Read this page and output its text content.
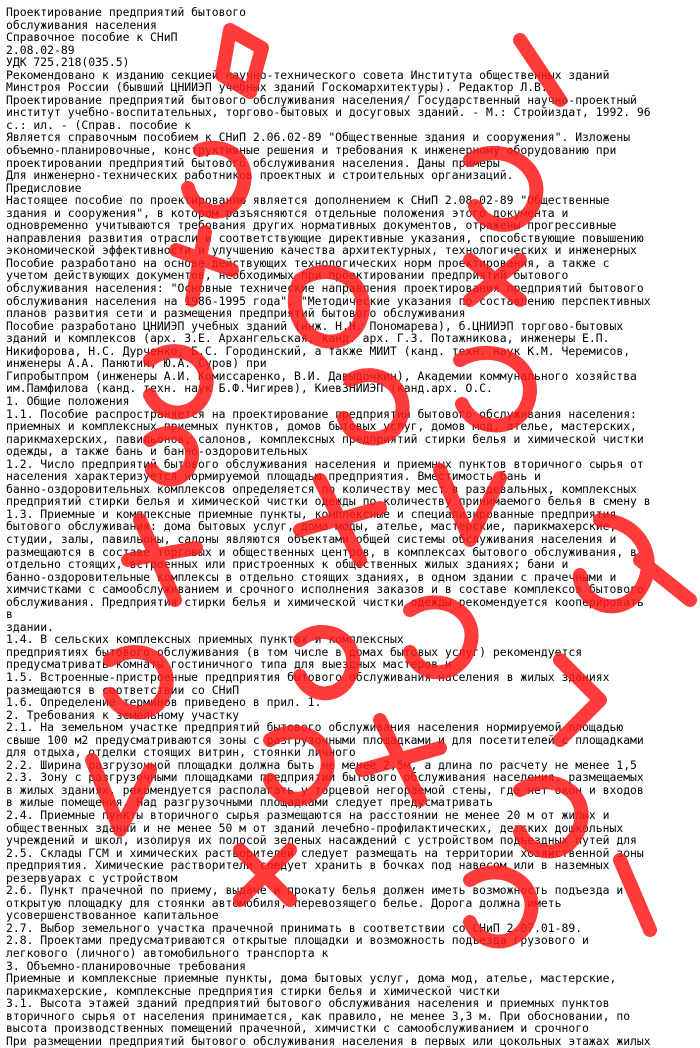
Проектирование предприятий бытового
обслуживания населения
Справочное пособие к СНиП
2.08.02-89
УДК 725.218(035.5)
Рекомендовано к изданию секцией научно-технического совета Института общественных зданий
Минстроя России (бывший ЦНИИЭП учебных зданий Госкомархитектуры). Редактор Л.В.
Проектирование предприятий бытового обслуживания населения/ Государственный научно-проектный
институт учебно-воспитательных, торгово-бытовых и досуговых зданий. - М.: Стройиздат, 1992. 96
с.: ил. - (Справ. пособие к
Является справочным пособием к СНиП 2.06.02-89 "Общественные здания и сооружения". Изложены
объемно-планировочные, конструктивные решения и требования к инженерному оборудованию при
проектировании предприятий бытового обслуживания населения. Даны примеры
Для инженерно-технических работников проектных и строительных организаций.
Предисловие
Настоящее пособие по проектированию является дополнением к СНиП 2.08.02-89 "Общественные
здания и сооружения", в котором разъясняются отдельные положения этого документа и
одновременно учитываются требования других нормативных документов, отражены прогрессивные
направления развития отрасли и соответствующие директивные указания, способствующие повышению
экономической эффективности и улучшению качества архитектурных, технологических и инженерных
Пособие разработано на основе действующих технологических норм проектирования, а также с
учетом действующих документов, необходимых при проектировании предприятий бытового
обслуживания населения: "Основные технические направления проектирования предприятий бытового
обслуживания населения на 1986-1995 года", "Методические указания по составлению перспективных
планов развития сети и размещения предприятий бытового обслуживания
Пособие разработано ЦНИИЭП учебных зданий (инж. Н.Н. Пономарева), б.ЦНИИЭП торгово-бытовых
зданий и комплексов (арх. З.Е. Архангельская, канд. арх. Г.З. Потажникова, инженеры Е.П.
Никифорова, Н.С. Дурченко, Б.С. Городинский, а также МИИТ (канд. техн. наук К.М. Черемисов,
инженеры А.А. Панютин, Ю.А. Суров) при
Гипробытпром (инженеры А.И. Комиссаренко, В.И. Давыдочкин), Академии коммунального хозяйства
им.Памфилова (канд. техн. наук Б.Ф.Чигирев), КиевЗНИИЭП (канд.арх. О.С.
1. Общие положения
1.1. Пособие распространяется на проектирование предприятий бытового обслуживания населения:
приемных и комплексных приемных пунктов, домов бытовых услуг, домов мод, ателье, мастерских,
парикмахерских, павильонов, салонов, комплексных предприятий стирки белья и химической чистки
одежды, а также бань и банно-оздоровительных
1.2. Число предприятий бытового обслуживания населения и приемных пунктов вторичного сырья от
населения характеризуется нормируемой площадью предприятия. Вместимость бань и
банно-оздоровительных комплексов определяется по количеству мест в раздевальных, комплексных
предприятий стирки белья и химической чистки одежды по количеству принимаемого белья в смену в
1.3. Приемные и комплексные приемные пункты, комплексные и специализированные предприятия
бытового обслуживания: дома бытовых услуг, дома моды, ателье, мастерские, парикмахерские,
студии, залы, павильоны, салоны являются объектами общей системы обслуживания населения и
размещаются в составе торговых и общественных центров, в комплексах бытового обслуживания, в
отдельно стоящих, встроенных или пристроенных к общественных жилых зданиях; бани и
банно-оздоровительные комплексы в отдельно стоящих зданиях, в одном здании с прачечными и
химчистками с самообслуживанием и срочного исполнения заказов и в составе комплексов бытового
обслуживания. Предприятия стирки белья и химической чистки одежды рекомендуется кооперировать
в
здании.
1.4. В сельских комплексных приемных пунктах и комплексных
предприятиях бытового обслуживания (в том числе в домах бытовых услуг) рекомендуется
предусматривать комнаты гостиничного типа для выездных мастеров и
1.5. Встроенные-пристроенные предприятия бытового обслуживания населения в жилых зданиях
размещаются в соответствии со СНиП
1.6. Определение терминов приведено в прил. 1.
2. Требования к земельному участку
2.1. На земельном участке предприятий бытового обслуживания населения нормируемой площадью
свыше 100 м2 предусматриваются зоны с разгрузочными площадками и для посетителей с площадками
для отдыха, отделки стоящих витрин, стоянки личного
2.2. Ширина разгрузочной площадки должна быть не менее 2,5м, а длина по расчету не менее 1,5
2.3. Зону с разгрузочными площадками предприятий бытового обслуживания населения, размещаемых
в жилых зданиях, рекомендуется располагать у торцевой негораемой стены, где нет окон и входов
в жилые помещения. Над разгрузочными площадками следует предусматривать
2.4. Приемные пункты вторичного сырья размещаются на расстоянии не менее 20 м от жилых и
общественных зданий и не менее 50 м от зданий лечебно-профилактических, детских дошкольных
учреждений и школ, изолируя их полосой зеленых насаждений с устройством подъездных путей для
2.5. Склады ГСМ и химических растворителей следует размещать на территории хозяйственной зоны
предприятия. Химические растворители следует хранить в бочках под навесом или в наземных
резервуарах с устройством
2.6. Пункт прачечной по приему, выдаче и прокату белья должен иметь возможность подъезда и
открытую площадку для стоянки автомобиля, перевозящего белье. Дорога должна иметь
усовершенствованное капитальное
2.7. Выбор земельного участка прачечной принимать в соответствии со СНиП 2.07.01-89.
2.8. Проектами предусматриваются открытые площадки и возможность подъезда грузового и
легкового (личного) автомобильного транспорта к
3. Объемно-планировочные требования
Приемные и комплексные приемные пункты, дома бытовых услуг, дома мод, ателье, мастерские,
парикмахерские, комплексные предприятия стирки белья и химической чистки
3.1. Высота этажей зданий предприятий бытового обслуживания населения и приемных пунктов
вторичного сырья от населения принимается, как правило, не менее 3,3 м. При обосновании, по
высота производственных помещений прачечной, химчистки с самообслуживанием и срочного
При размещении предприятий бытового обслуживания населения в первых или цокольных этажах жилых
